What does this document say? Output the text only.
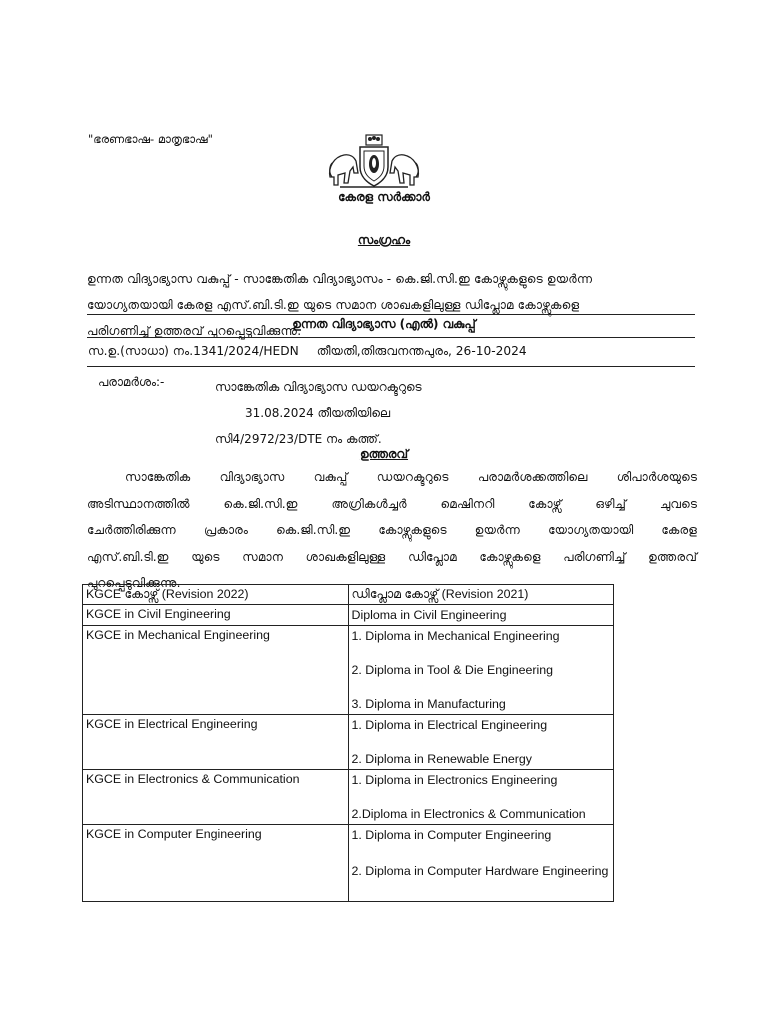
"ഭരണഭാഷ- മാതൃഭാഷ"
കേരള സർക്കാർ
സംഗ്രഹം
ഉന്നത വിദ്യാഭ്യാസ വകുപ്പ് - സാങ്കേതിക വിദ്യാഭ്യാസം - കെ.ജി.സി.ഇ കോഴ്സുകളുടെ ഉയർന്ന
യോഗ്യതയായി കേരള എസ്.ബി.ടി.ഇ യുടെ സമാന ശാഖകളിലുള്ള ഡിപ്ലോമ കോഴ്സുകളെ
പരിഗണിച്ച് ഉത്തരവ് പുറപ്പെടുവിക്കുന്നു.
ഉന്നത വിദ്യാഭ്യാസ (എൽ) വകുപ്പ്
സ.ഉ.(സാധാ) നം.1341/2024/HEDN തീയതി,തിരുവനന്തപുരം, 26-10-2024
പരാമർശം:-	സാങ്കേതിക വിദ്യാഭ്യാസ ഡയറക്ടറുടെ
31.08.2024 തീയതിയിലെ
സി4/2972/23/DTE നം കത്ത്.
ഉത്തരവ്
സാങ്കേതിക വിദ്യാഭ്യാസ വകുപ്പ് ഡയറക്ടറുടെ പരാമർശക്കത്തിലെ ശിപാർശയുടെ
അടിസ്ഥാനത്തിൽ കെ.ജി.സി.ഇ അഗ്രികൾച്ചർ മെഷിനറി കോഴ്സ് ഒഴിച്ച് ചുവടെ
ചേർത്തിരിക്കുന്ന പ്രകാരം കെ.ജി.സി.ഇ കോഴ്സുകളുടെ ഉയർന്ന യോഗ്യതയായി കേരള
എസ്.ബി.ടി.ഇ യുടെ സമാന ശാഖകളിലുള്ള ഡിപ്ലോമ കോഴ്സുകളെ പരിഗണിച്ച് ഉത്തരവ്
പുറപ്പെടുവിക്കുന്നു.
KGCE കോഴ്സ് (Revision 2022)	ഡിപ്ലോമ കോഴ്സ് (Revision 2021)
KGCE in Civil Engineering	Diploma in Civil Engineering

KGCE in Mechanical Engineering	1. Diploma in Mechanical Engineering
2. Diploma in Tool & Die Engineering
3. Diploma in Manufacturing

KGCE in Electrical Engineering	1. Diploma in Electrical Engineering
2. Diploma in Renewable Energy

KGCE in Electronics & Communication	1. Diploma in Electronics Engineering
2.Diploma in Electronics & Communication

KGCE in Computer Engineering	1. Diploma in Computer Engineering
2. Diploma in Computer Hardware Engineering
